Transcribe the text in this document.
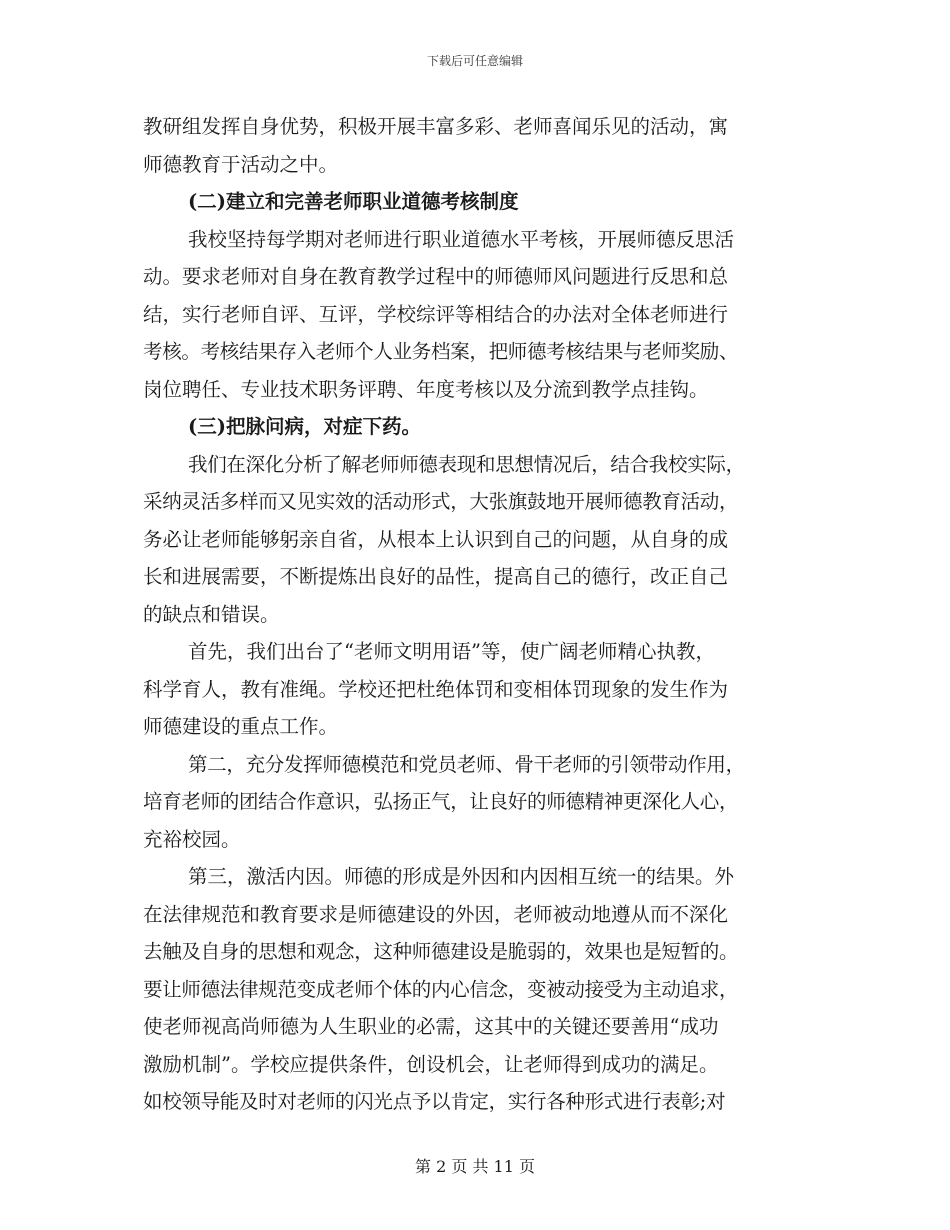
下载后可任意编辑
教研组发挥自身优势，积极开展丰富多彩、老师喜闻乐见的活动，寓
师德教育于活动之中。
(二)建立和完善老师职业道德考核制度
我校坚持每学期对老师进行职业道德水平考核，开展师德反思活
动。要求老师对自身在教育教学过程中的师德师风问题进行反思和总
结，实行老师自评、互评，学校综评等相结合的办法对全体老师进行
考核。考核结果存入老师个人业务档案，把师德考核结果与老师奖励、
岗位聘任、专业技术职务评聘、年度考核以及分流到教学点挂钩。
(三)把脉问病，对症下药。
我们在深化分析了解老师师德表现和思想情况后，结合我校实际，
采纳灵活多样而又见实效的活动形式，大张旗鼓地开展师德教育活动，
务必让老师能够躬亲自省，从根本上认识到自己的问题，从自身的成
长和进展需要，不断提炼出良好的品性，提高自己的德行，改正自己
的缺点和错误。
首先，我们出台了“老师文明用语”等，使广阔老师精心执教，
科学育人，教有准绳。学校还把杜绝体罚和变相体罚现象的发生作为
师德建设的重点工作。
第二，充分发挥师德模范和党员老师、骨干老师的引领带动作用，
培育老师的团结合作意识，弘扬正气，让良好的师德精神更深化人心，
充裕校园。
第三，激活内因。师德的形成是外因和内因相互统一的结果。外
在法律规范和教育要求是师德建设的外因，老师被动地遵从而不深化
去触及自身的思想和观念，这种师德建设是脆弱的，效果也是短暂的。
要让师德法律规范变成老师个体的内心信念，变被动接受为主动追求，
使老师视高尚师德为人生职业的必需，这其中的关键还要善用“成功
激励机制”。学校应提供条件，创设机会，让老师得到成功的满足。
如校领导能及时对老师的闪光点予以肯定，实行各种形式进行表彰;对
第 2 页 共 11 页
